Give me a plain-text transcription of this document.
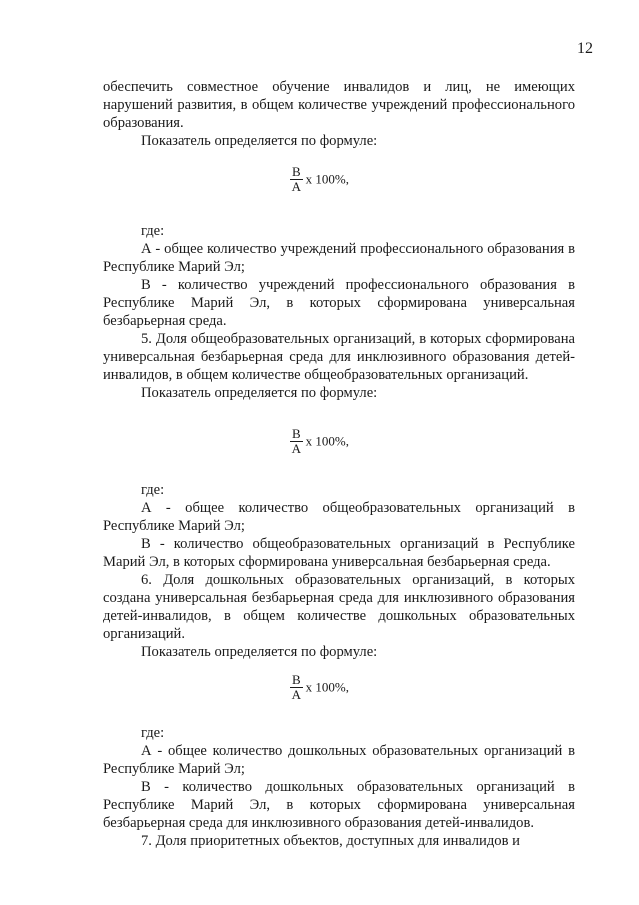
12

обеспечить совместное обучение инвалидов и лиц, не имеющих нарушений развития, в общем количестве учреждений профессионального образования.

Показатель определяется по формуле:

$\frac{В}{А}$ x 100%,

где:

А - общее количество учреждений профессионального образования в Республике Марий Эл;

В - количество учреждений профессионального образования в Республике Марий Эл, в которых сформирована универсальная безбарьерная среда.

5. Доля общеобразовательных организаций, в которых сформирована универсальная безбарьерная среда для инклюзивного образования детей-инвалидов, в общем количестве общеобразовательных организаций.

Показатель определяется по формуле:

$\frac{В}{А}$ x 100%,

где:

А - общее количество общеобразовательных организаций в Республике Марий Эл;

В - количество общеобразовательных организаций в Республике Марий Эл, в которых сформирована универсальная безбарьерная среда.

6. Доля дошкольных образовательных организаций, в которых создана универсальная безбарьерная среда для инклюзивного образования детей-инвалидов, в общем количестве дошкольных образовательных организаций.

Показатель определяется по формуле:

$\frac{В}{А}$ x 100%,

где:

А - общее количество дошкольных образовательных организаций в Республике Марий Эл;

В - количество дошкольных образовательных организаций в Республике Марий Эл, в которых сформирована универсальная безбарьерная среда для инклюзивного образования детей-инвалидов.

7. Доля приоритетных объектов, доступных для инвалидов и
